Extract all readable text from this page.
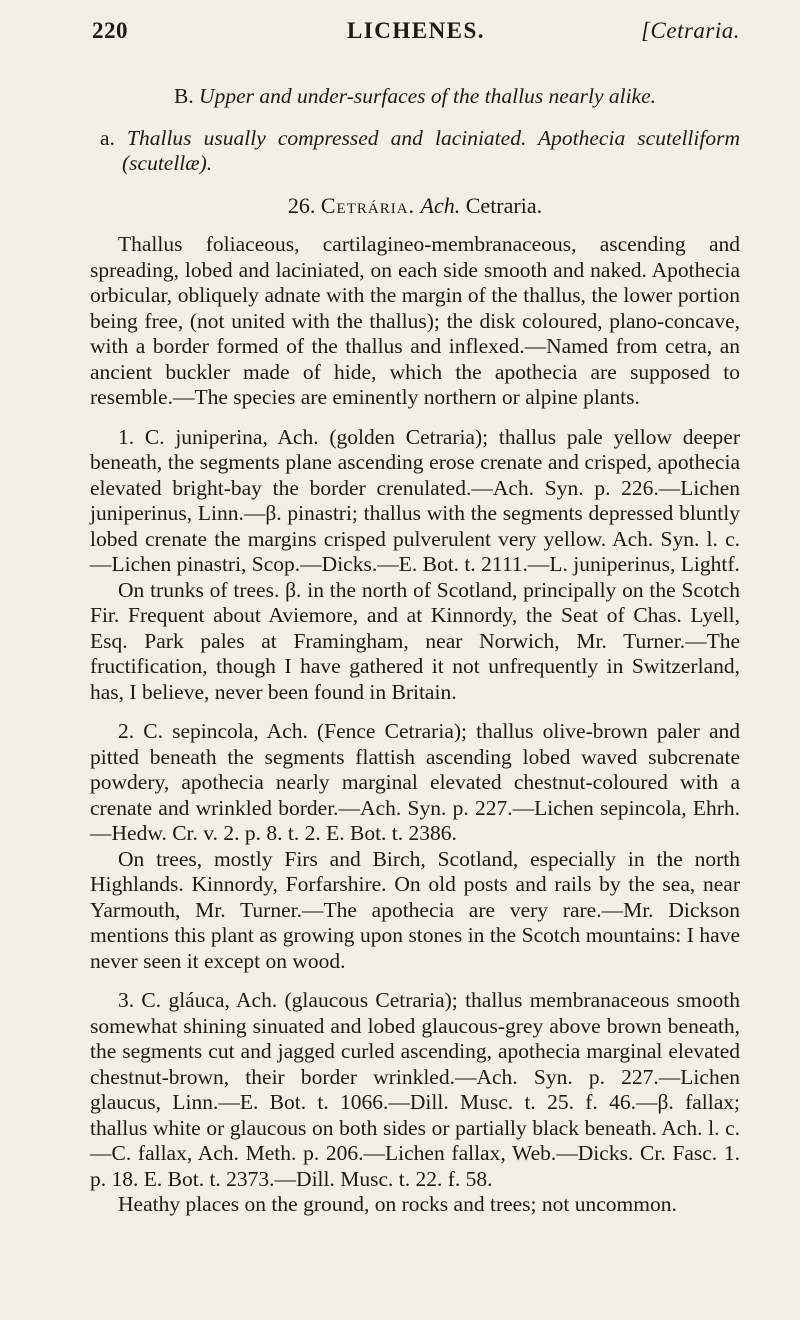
220	LICHENES.	[Cetraria.

B. Upper and under-surfaces of the thallus nearly alike.

a. Thallus usually compressed and laciniated. Apothecia scutelliform (scutellæ).

26. Cetrária. Ach. Cetraria.

Thallus foliaceous, cartilagineo-membranaceous, ascending and spreading, lobed and laciniated, on each side smooth and naked. Apothecia orbicular, obliquely adnate with the margin of the thallus, the lower portion being free, (not united with the thallus); the disk coloured, plano-concave, with a border formed of the thallus and inflexed.—Named from cetra, an ancient buckler made of hide, which the apothecia are supposed to resemble.—The species are eminently northern or alpine plants.

1. C. juniperina, Ach. (golden Cetraria); thallus pale yellow deeper beneath, the segments plane ascending erose crenate and crisped, apothecia elevated bright-bay the border crenulated.—Ach. Syn. p. 226.—Lichen juniperinus, Linn.—β. pinastri; thallus with the segments depressed bluntly lobed crenate the margins crisped pulverulent very yellow. Ach. Syn. l. c.—Lichen pinastri, Scop.—Dicks.—E. Bot. t. 2111.—L. juniperinus, Lightf.

On trunks of trees. β. in the north of Scotland, principally on the Scotch Fir. Frequent about Aviemore, and at Kinnordy, the Seat of Chas. Lyell, Esq. Park pales at Framingham, near Norwich, Mr. Turner.—The fructification, though I have gathered it not unfrequently in Switzerland, has, I believe, never been found in Britain.

2. C. sepincola, Ach. (Fence Cetraria); thallus olive-brown paler and pitted beneath the segments flattish ascending lobed waved subcrenate powdery, apothecia nearly marginal elevated chestnut-coloured with a crenate and wrinkled border.—Ach. Syn. p. 227.—Lichen sepincola, Ehrh.—Hedw. Cr. v. 2. p. 8. t. 2. E. Bot. t. 2386.

On trees, mostly Firs and Birch, Scotland, especially in the north Highlands. Kinnordy, Forfarshire. On old posts and rails by the sea, near Yarmouth, Mr. Turner.—The apothecia are very rare.—Mr. Dickson mentions this plant as growing upon stones in the Scotch mountains: I have never seen it except on wood.

3. C. gláuca, Ach. (glaucous Cetraria); thallus membranaceous smooth somewhat shining sinuated and lobed glaucous-grey above brown beneath, the segments cut and jagged curled ascending, apothecia marginal elevated chestnut-brown, their border wrinkled.—Ach. Syn. p. 227.—Lichen glaucus, Linn.—E. Bot. t. 1066.—Dill. Musc. t. 25. f. 46.—β. fallax; thallus white or glaucous on both sides or partially black beneath. Ach. l. c.—C. fallax, Ach. Meth. p. 206.—Lichen fallax, Web.—Dicks. Cr. Fasc. 1. p. 18. E. Bot. t. 2373.—Dill. Musc. t. 22. f. 58.

Heathy places on the ground, on rocks and trees; not uncommon.
